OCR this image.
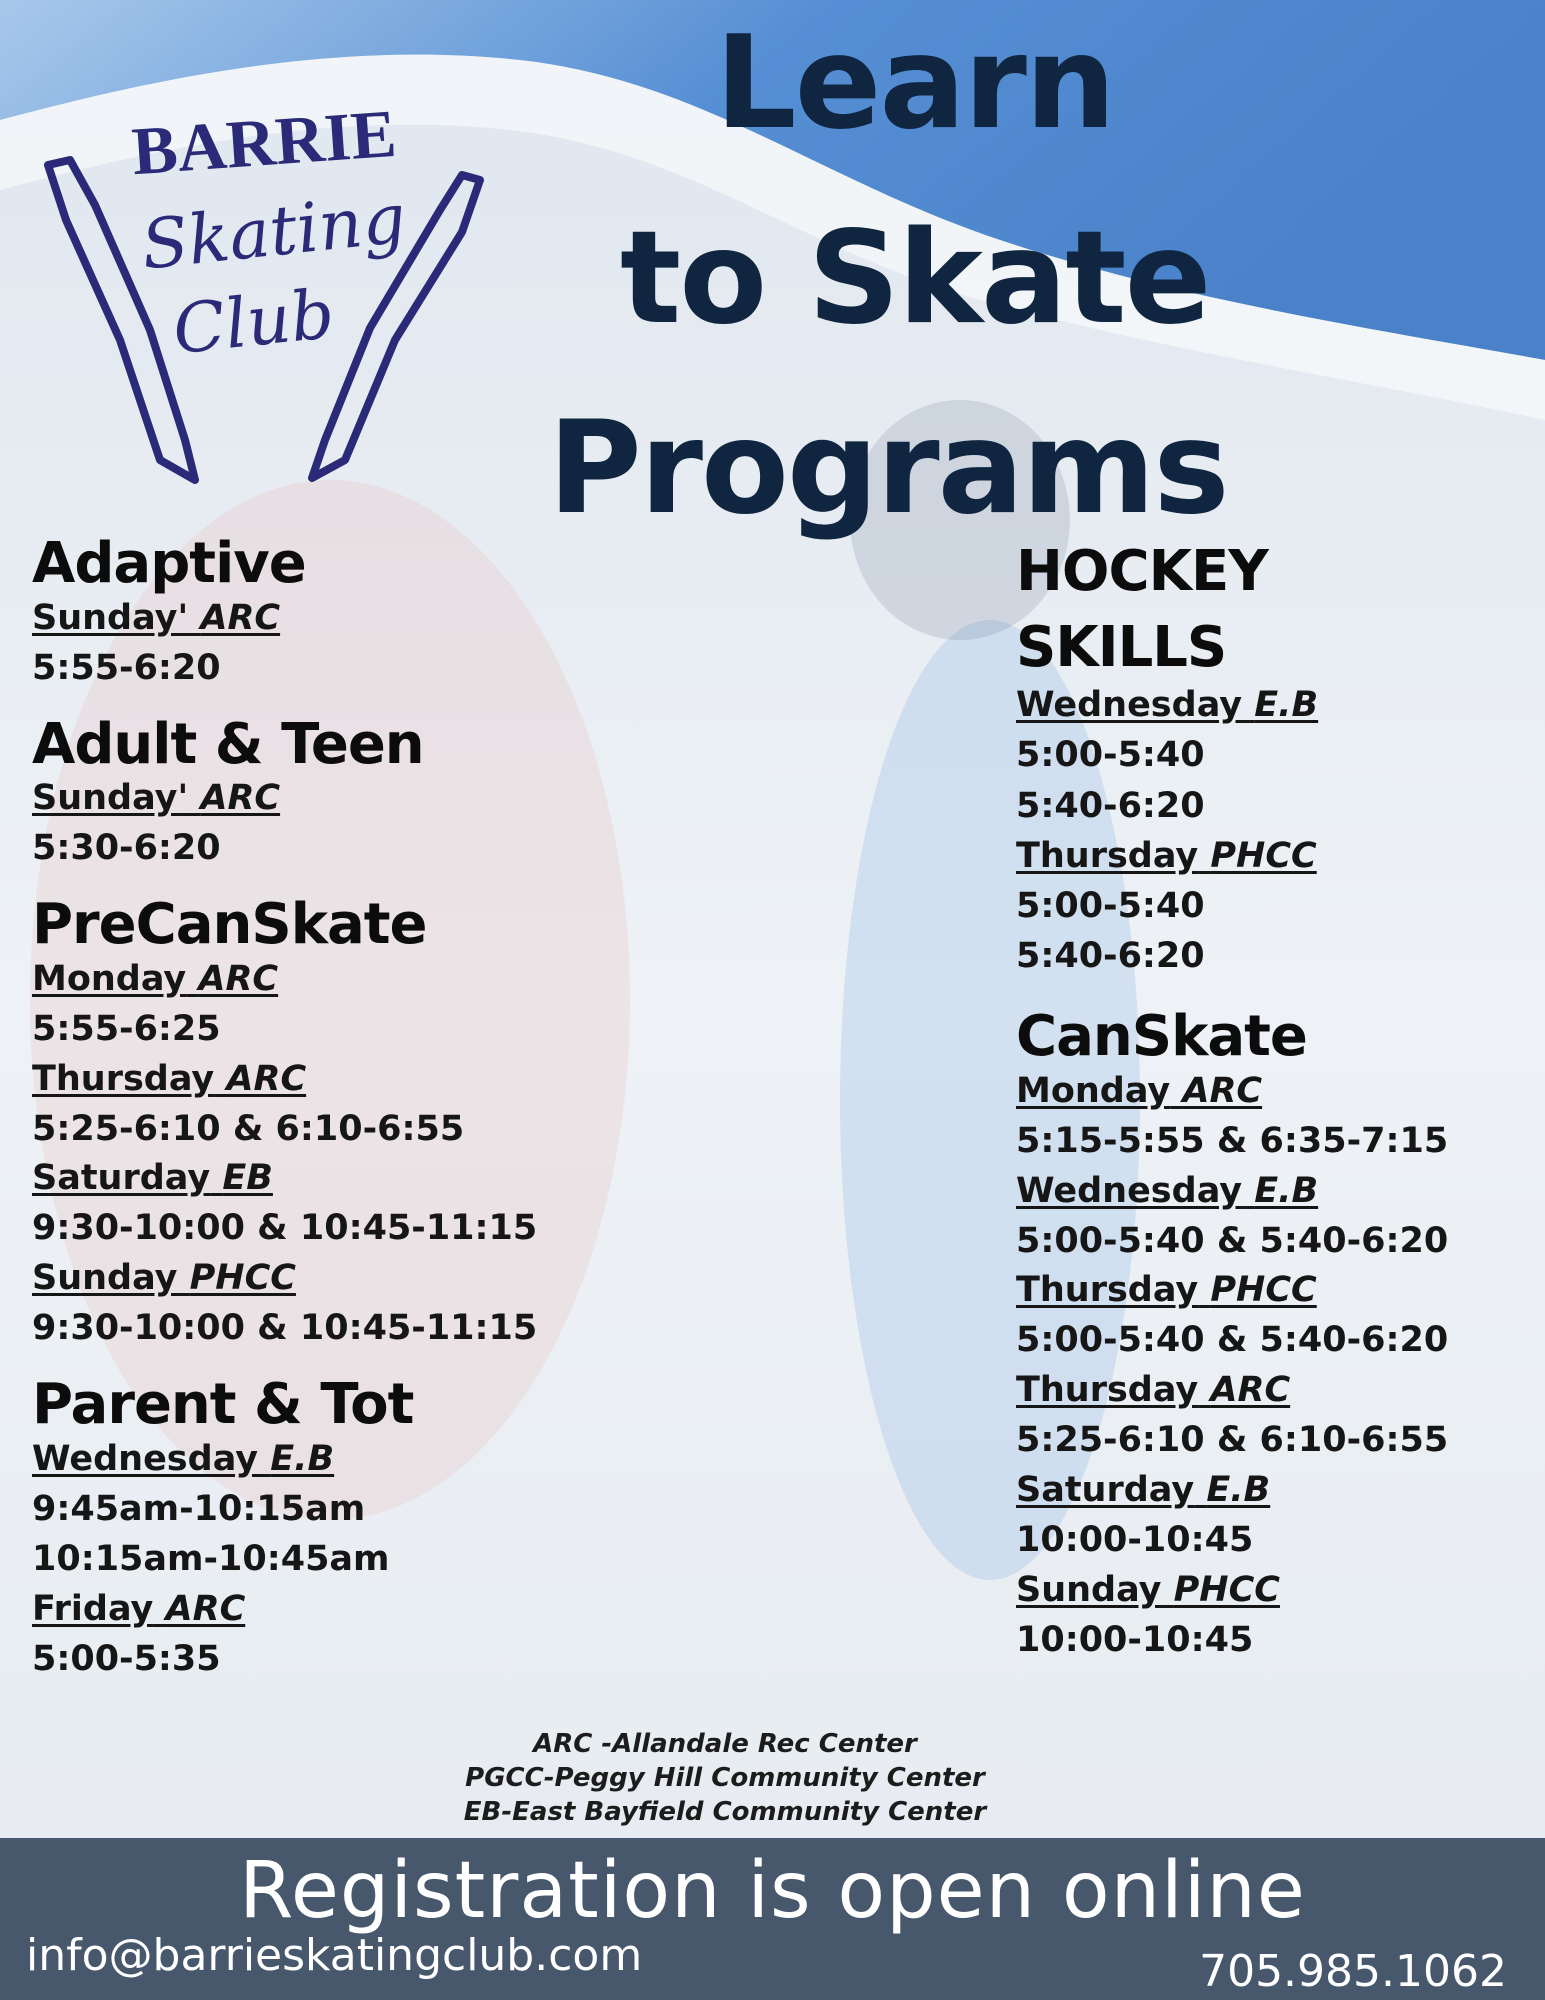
BARRIE
Skating
Club
Learn
to Skate
Programs
Adaptive
Sunday' ARC
5:55-6:20
Adult & Teen
Sunday' ARC
5:30-6:20
PreCanSkate
Monday ARC
5:55-6:25
Thursday ARC
5:25-6:10 & 6:10-6:55
Saturday EB
9:30-10:00 & 10:45-11:15
Sunday PHCC
9:30-10:00 & 10:45-11:15
Parent & Tot
Wednesday E.B
9:45am-10:15am
10:15am-10:45am
Friday ARC
5:00-5:35
HOCKEY
SKILLS
Wednesday E.B
5:00-5:40
5:40-6:20
Thursday PHCC
5:00-5:40
5:40-6:20
CanSkate
Monday ARC
5:15-5:55 & 6:35-7:15
Wednesday E.B
5:00-5:40 & 5:40-6:20
Thursday PHCC
5:00-5:40 & 5:40-6:20
Thursday ARC
5:25-6:10 & 6:10-6:55
Saturday E.B
10:00-10:45
Sunday PHCC
10:00-10:45
ARC -Allandale Rec Center
PGCC-Peggy Hill Community Center
EB-East Bayfield Community Center
Registration is open online
info@barrieskatingclub.com	705.985.1062
